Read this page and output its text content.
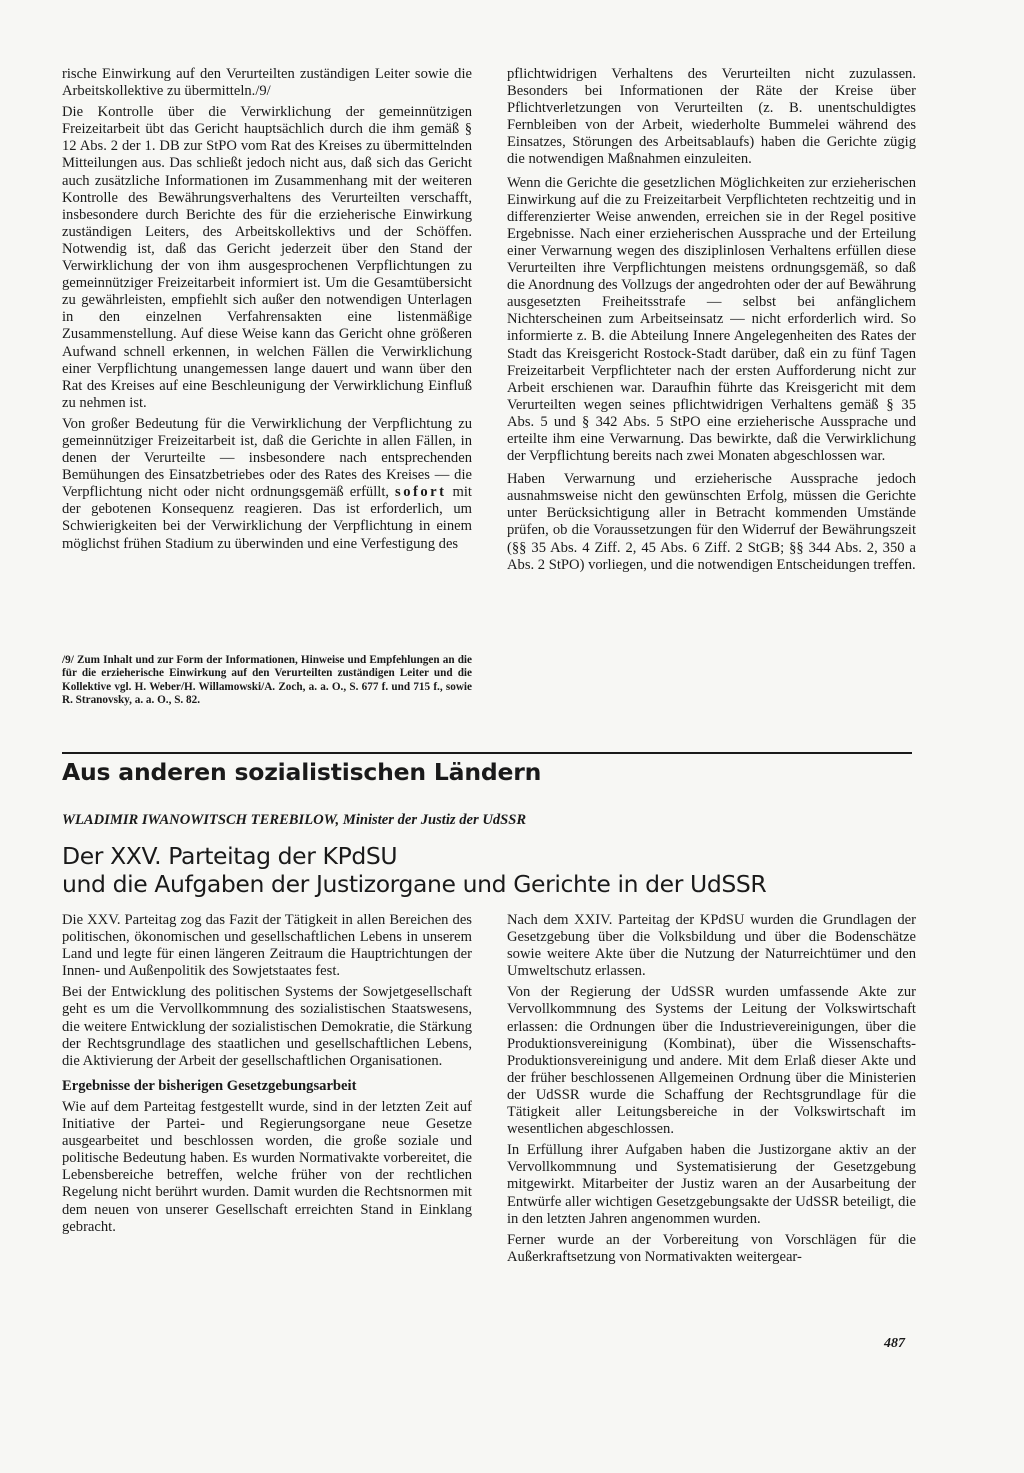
rische Einwirkung auf den Verurteilten zuständigen Leiter sowie die Arbeitskollektive zu übermitteln./9/

Die Kontrolle über die Verwirklichung der gemeinnützigen Freizeitarbeit übt das Gericht hauptsächlich durch die ihm gemäß § 12 Abs. 2 der 1. DB zur StPO vom Rat des Kreises zu übermittelnden Mitteilungen aus. Das schließt jedoch nicht aus, daß sich das Gericht auch zusätzliche Informationen im Zusammenhang mit der weiteren Kontrolle des Bewährungsverhaltens des Verurteilten verschafft, insbesondere durch Berichte des für die erzieherische Einwirkung zuständigen Leiters, des Arbeitskollektivs und der Schöffen. Notwendig ist, daß das Gericht jederzeit über den Stand der Verwirklichung der von ihm ausgesprochenen Verpflichtungen zu gemeinnütziger Freizeitarbeit informiert ist. Um die Gesamtübersicht zu gewährleisten, empfiehlt sich außer den notwendigen Unterlagen in den einzelnen Verfahrensakten eine listenmäßige Zusammenstellung. Auf diese Weise kann das Gericht ohne größeren Aufwand schnell erkennen, in welchen Fällen die Verwirklichung einer Verpflichtung unangemessen lange dauert und wann über den Rat des Kreises auf eine Beschleunigung der Verwirklichung Einfluß zu nehmen ist.

Von großer Bedeutung für die Verwirklichung der Verpflichtung zu gemeinnütziger Freizeitarbeit ist, daß die Gerichte in allen Fällen, in denen der Verurteilte — insbesondere nach entsprechenden Bemühungen des Einsatzbetriebes oder des Rates des Kreises — die Verpflichtung nicht oder nicht ordnungsgemäß erfüllt, sofort mit der gebotenen Konsequenz reagieren. Das ist erforderlich, um Schwierigkeiten bei der Verwirklichung der Verpflichtung in einem möglichst frühen Stadium zu überwinden und eine Verfestigung des

/9/ Zum Inhalt und zur Form der Informationen, Hinweise und Empfehlungen an die für die erzieherische Einwirkung auf den Verurteilten zuständigen Leiter und die Kollektive vgl. H. Weber/H. Willamowski/A. Zoch, a. a. O., S. 677 f. und 715 f., sowie R. Stranovsky, a. a. O., S. 82.

pflichtwidrigen Verhaltens des Verurteilten nicht zuzulassen. Besonders bei Informationen der Räte der Kreise über Pflichtverletzungen von Verurteilten (z. B. unentschuldigtes Fernbleiben von der Arbeit, wiederholte Bummelei während des Einsatzes, Störungen des Arbeitsablaufs) haben die Gerichte zügig die notwendigen Maßnahmen einzuleiten.

Wenn die Gerichte die gesetzlichen Möglichkeiten zur erzieherischen Einwirkung auf die zu Freizeitarbeit Verpflichteten rechtzeitig und in differenzierter Weise anwenden, erreichen sie in der Regel positive Ergebnisse. Nach einer erzieherischen Aussprache und der Erteilung einer Verwarnung wegen des disziplinlosen Verhaltens erfüllen diese Verurteilten ihre Verpflichtungen meistens ordnungsgemäß, so daß die Anordnung des Vollzugs der angedrohten oder der auf Bewährung ausgesetzten Freiheitsstrafe — selbst bei anfänglichem Nichterscheinen zum Arbeitseinsatz — nicht erforderlich wird. So informierte z. B. die Abteilung Innere Angelegenheiten des Rates der Stadt das Kreisgericht Rostock-Stadt darüber, daß ein zu fünf Tagen Freizeitarbeit Verpflichteter nach der ersten Aufforderung nicht zur Arbeit erschienen war. Daraufhin führte das Kreisgericht mit dem Verurteilten wegen seines pflichtwidrigen Verhaltens gemäß § 35 Abs. 5 und § 342 Abs. 5 StPO eine erzieherische Aussprache und erteilte ihm eine Verwarnung. Das bewirkte, daß die Verwirklichung der Verpflichtung bereits nach zwei Monaten abgeschlossen war.

Haben Verwarnung und erzieherische Aussprache jedoch ausnahmsweise nicht den gewünschten Erfolg, müssen die Gerichte unter Berücksichtigung aller in Betracht kommenden Umstände prüfen, ob die Voraussetzungen für den Widerruf der Bewährungszeit (§§ 35 Abs. 4 Ziff. 2, 45 Abs. 6 Ziff. 2 StGB; §§ 344 Abs. 2, 350 a Abs. 2 StPO) vorliegen, und die notwendigen Entscheidungen treffen.

Aus anderen sozialistischen Ländern
WLADIMIR IWANOWITSCH TEREBILOW, Minister der Justiz der UdSSR
Der XXV. Parteitag der KPdSU
und die Aufgaben der Justizorgane und Gerichte in der UdSSR

Die XXV. Parteitag zog das Fazit der Tätigkeit in allen Bereichen des politischen, ökonomischen und gesellschaftlichen Lebens in unserem Land und legte für einen längeren Zeitraum die Hauptrichtungen der Innen- und Außenpolitik des Sowjetstaates fest.

Bei der Entwicklung des politischen Systems der Sowjetgesellschaft geht es um die Vervollkommnung des sozialistischen Staatswesens, die weitere Entwicklung der sozialistischen Demokratie, die Stärkung der Rechtsgrundlage des staatlichen und gesellschaftlichen Lebens, die Aktivierung der Arbeit der gesellschaftlichen Organisationen.

Ergebnisse der bisherigen Gesetzgebungsarbeit

Wie auf dem Parteitag festgestellt wurde, sind in der letzten Zeit auf Initiative der Partei- und Regierungsorgane neue Gesetze ausgearbeitet und beschlossen worden, die große soziale und politische Bedeutung haben. Es wurden Normativakte vorbereitet, die Lebensbereiche betreffen, welche früher von der rechtlichen Regelung nicht berührt wurden. Damit wurden die Rechtsnormen mit dem neuen von unserer Gesellschaft erreichten Stand in Einklang gebracht.

Nach dem XXIV. Parteitag der KPdSU wurden die Grundlagen der Gesetzgebung über die Volksbildung und über die Bodenschätze sowie weitere Akte über die Nutzung der Naturreichtümer und den Umweltschutz erlassen.

Von der Regierung der UdSSR wurden umfassende Akte zur Vervollkommnung des Systems der Leitung der Volkswirtschaft erlassen: die Ordnungen über die Industrievereinigungen, über die Produktionsvereinigung (Kombinat), über die Wissenschafts-Produktionsvereinigung und andere. Mit dem Erlaß dieser Akte und der früher beschlossenen Allgemeinen Ordnung über die Ministerien der UdSSR wurde die Schaffung der Rechtsgrundlage für die Tätigkeit aller Leitungsbereiche in der Volkswirtschaft im wesentlichen abgeschlossen.

In Erfüllung ihrer Aufgaben haben die Justizorgane aktiv an der Vervollkommnung und Systematisierung der Gesetzgebung mitgewirkt. Mitarbeiter der Justiz waren an der Ausarbeitung der Entwürfe aller wichtigen Gesetzgebungsakte der UdSSR beteiligt, die in den letzten Jahren angenommen wurden.

Ferner wurde an der Vorbereitung von Vorschlägen für die Außerkraftsetzung von Normativakten weitergear-

487
